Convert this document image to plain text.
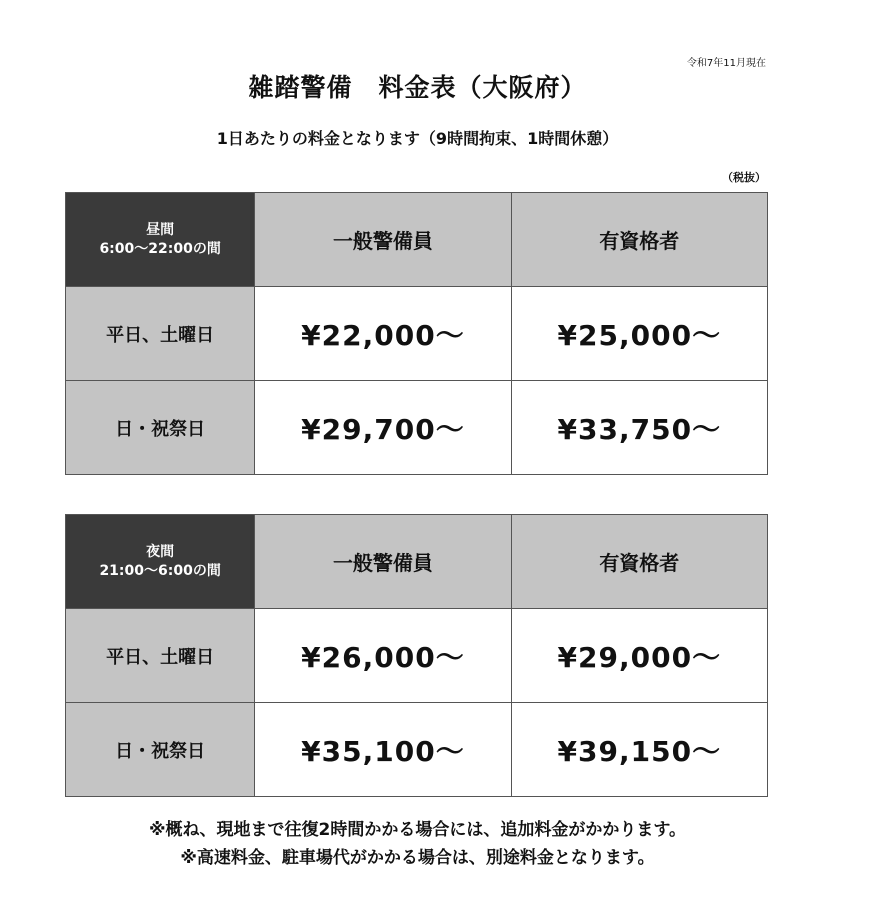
令和7年11月現在
雑踏警備　料金表（大阪府）
1日あたりの料金となります（9時間拘束、1時間休憩）
（税抜）
昼間
6:00〜22:00の間	一般警備員	有資格者
平日、土曜日	¥22,000〜	¥25,000〜
日・祝祭日	¥29,700〜	¥33,750〜
夜間
21:00〜6:00の間	一般警備員	有資格者
平日、土曜日	¥26,000〜	¥29,000〜
日・祝祭日	¥35,100〜	¥39,150〜
※概ね、現地まで往復2時間かかる場合には、追加料金がかかります。
※高速料金、駐車場代がかかる場合は、別途料金となります。
